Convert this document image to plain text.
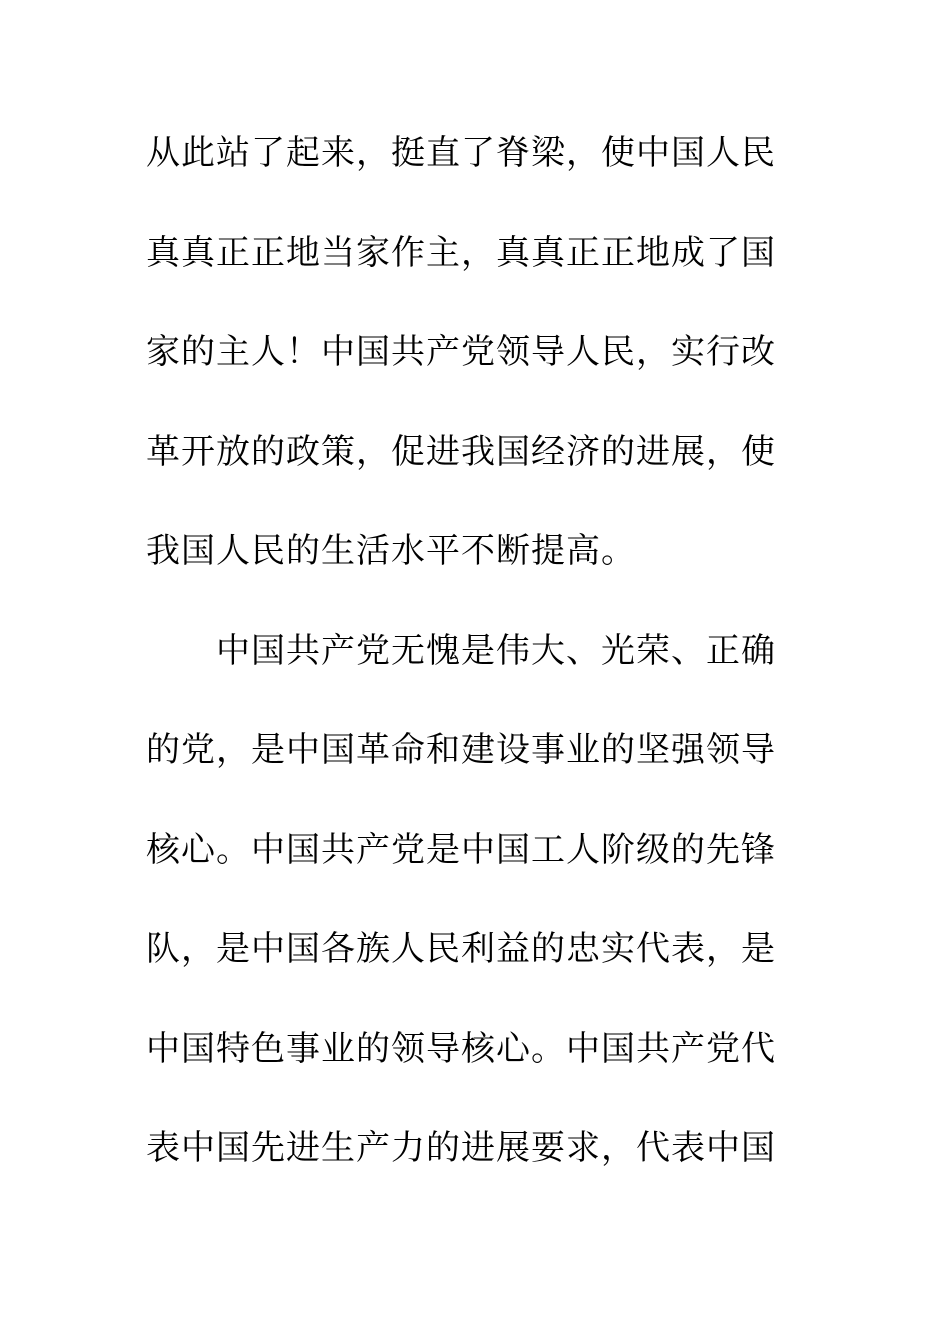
从此站了起来，挺直了脊梁，使中国人民
真真正正地当家作主，真真正正地成了国
家的主人！中国共产党领导人民，实行改
革开放的政策，促进我国经济的进展，使
我国人民的生活水平不断提高。
中国共产党无愧是伟大、光荣、正确
的党，是中国革命和建设事业的坚强领导
核心。中国共产党是中国工人阶级的先锋
队，是中国各族人民利益的忠实代表，是
中国特色事业的领导核心。中国共产党代
表中国先进生产力的进展要求，代表中国
